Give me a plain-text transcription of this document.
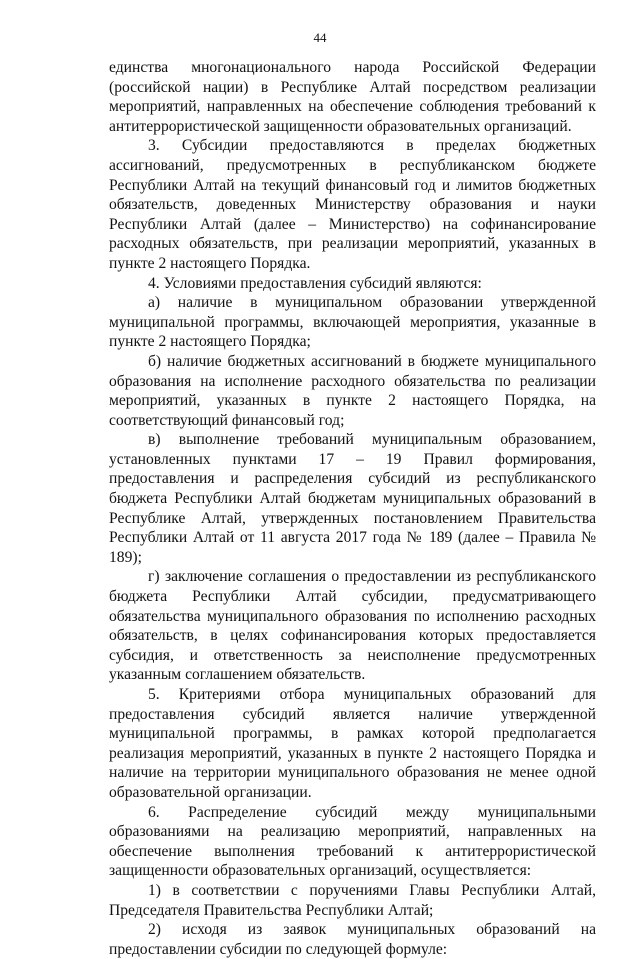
44

единства многонационального народа Российской Федерации (российской нации) в Республике Алтай посредством реализации мероприятий, направленных на обеспечение соблюдения требований к антитеррористической защищенности образовательных организаций.

3. Субсидии предоставляются в пределах бюджетных ассигнований, предусмотренных в республиканском бюджете Республики Алтай на текущий финансовый год и лимитов бюджетных обязательств, доведенных Министерству образования и науки Республики Алтай (далее – Министерство) на софинансирование расходных обязательств, при реализации мероприятий, указанных в пункте 2 настоящего Порядка.

4. Условиями предоставления субсидий являются:

а) наличие в муниципальном образовании утвержденной муниципальной программы, включающей мероприятия, указанные в пункте 2 настоящего Порядка;

б) наличие бюджетных ассигнований в бюджете муниципального образования на исполнение расходного обязательства по реализации мероприятий, указанных в пункте 2 настоящего Порядка, на соответствующий финансовый год;

в) выполнение требований муниципальным образованием, установленных пунктами 17 – 19 Правил формирования, предоставления и распределения субсидий из республиканского бюджета Республики Алтай бюджетам муниципальных образований в Республике Алтай, утвержденных постановлением Правительства Республики Алтай от 11 августа 2017 года № 189 (далее – Правила № 189);

г) заключение соглашения о предоставлении из республиканского бюджета Республики Алтай субсидии, предусматривающего обязательства муниципального образования по исполнению расходных обязательств, в целях софинансирования которых предоставляется субсидия, и ответственность за неисполнение предусмотренных указанным соглашением обязательств.

5. Критериями отбора муниципальных образований для предоставления субсидий является наличие утвержденной муниципальной программы, в рамках которой предполагается реализация мероприятий, указанных в пункте 2 настоящего Порядка и наличие на территории муниципального образования не менее одной образовательной организации.

6. Распределение субсидий между муниципальными образованиями на реализацию мероприятий, направленных на обеспечение выполнения требований к антитеррористической защищенности образовательных организаций, осуществляется:

1) в соответствии с поручениями Главы Республики Алтай, Председателя Правительства Республики Алтай;

2) исходя из заявок муниципальных образований на предоставлении субсидии по следующей формуле:
